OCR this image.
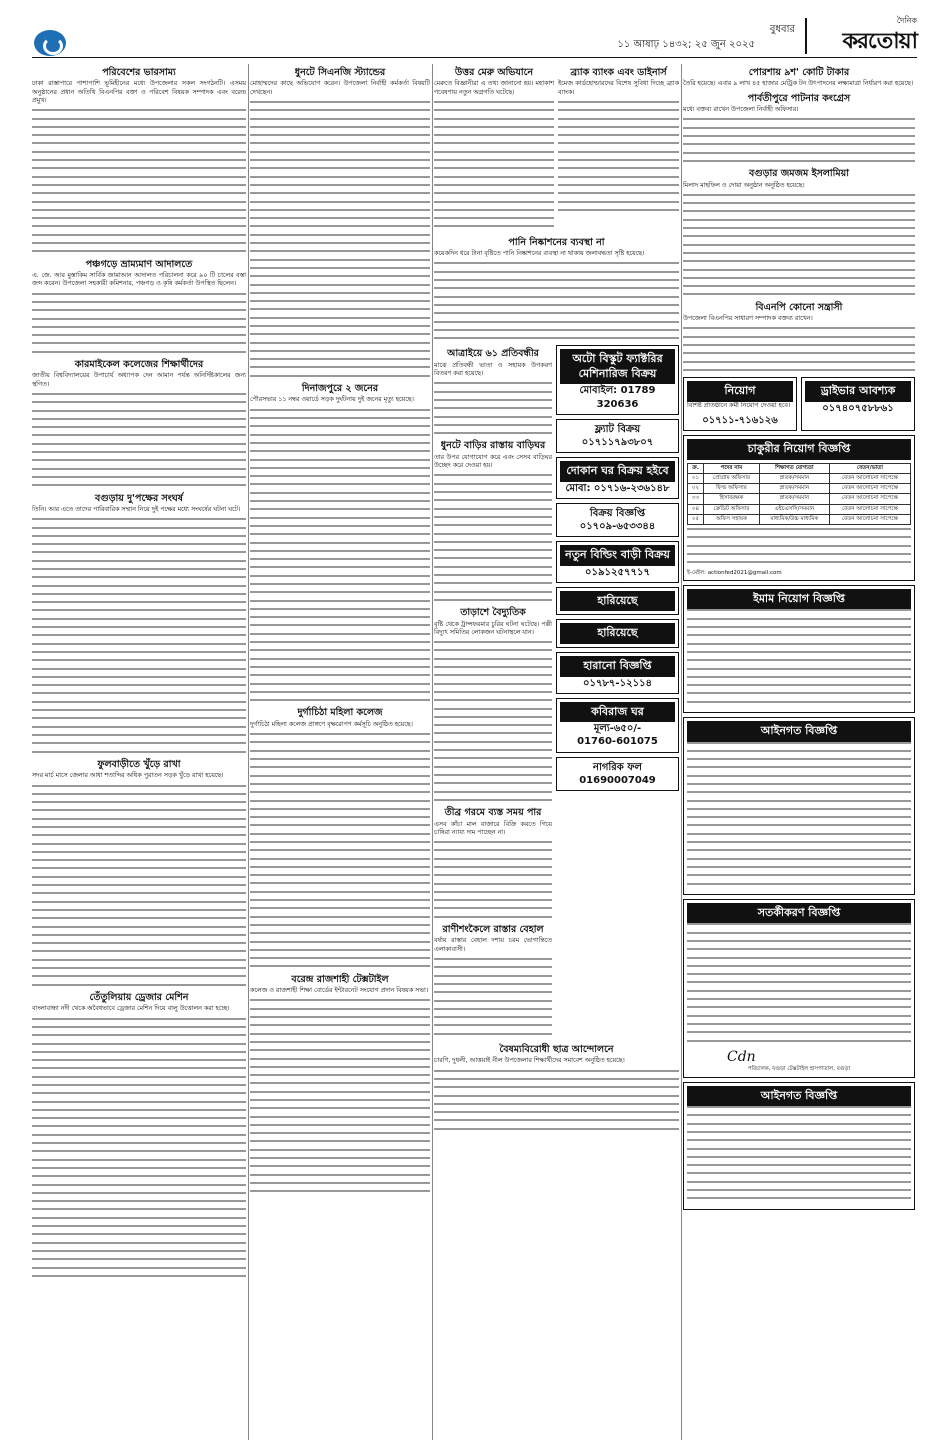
বুধবার
১১ আষাঢ় ১৪৩২; ২৫ জুন ২০২৫
দৈনিক
করতোয়া
পরিবেশের ভারসাম্য
ঢাকা রাস্তাপারে পাশাপাশি ভূমিহীনের মধ্যে উপজেলার সকল সংগঠনটি। এসময় অনুষ্ঠানের প্রধান অতিথি বিএনপির বক্তা ও পরিবেশ বিষয়ক সম্পাদক এবং বরেন্দ্র প্রমুখ।
পঞ্চগড়ে ভ্রাম্যমাণ আদালতে
এ. জে. আর মুস্তাকিম সার্বিক জামাআন আদালত পরিচালনা করে ৯০ টি চালের বস্তা জব্দ করেন। উপজেলা সহকারী কমিশনার, পঞ্চগড় ও কৃষি কর্মকর্তা উপস্থিত ছিলেন।
কারমাইকেল কলেজের শিক্ষার্থীদের
জাতীয় বিশ্ববিদ্যালয়ের উপাচার্য অধ্যাপক দেন আমান পর্যন্ত অনির্দিষ্টকালের জন্য স্থগিত।
বগুড়ায় দু'পক্ষের সংঘর্ষ
তিনি। আর এতে তাদের পারিবারিক সম্মান নিয়ে দুই পক্ষের মধ্যে সংঘর্ষের ঘটনা ঘটে।
ফুলবাড়ীতে খুঁড়ে রাখা
সদর মার্চ মাসে জেলার আধা শতাব্দির অধিক পুরাতন সড়ক খুঁড়ে রাখা হয়েছে।
তেঁতুলিয়ায় ড্রেজার মেশিন
বাংলাবান্ধা নদী থেকে অবৈধভাবে ড্রেজার মেশিন দিয়ে বালু উত্তোলন করা হচ্ছে।
ধুনটে সিএনজি স্ট্যান্ডের
মোহাম্মদের কাছে অভিযোগ করেন। উপজেলা নির্বাহী কর্মকর্তা বিষয়টি দেখছেন।
দিনাজপুরে ২ জনের
পৌরসভার ১১ নম্বর ওয়ার্ডে সড়ক দুর্ঘটনায় দুই জনের মৃত্যু হয়েছে।
দুর্গাচিঠা মহিলা কলেজ
দুর্গাচিঠা মহিলা কলেজ প্রাঙ্গণে বৃক্ষরোপণ কর্মসূচি অনুষ্ঠিত হয়েছে।
বরেন্দ্র রাজশাহী টেক্সটাইল
কলেজ ও রাজশাহী শিক্ষা বোর্ডের ইন্টারনেট সংযোগ প্রদান বিষয়ক সভা।
উত্তর মেরু অভিযানে
মেরুতে বিজ্ঞানীরা এ তথ্য জানানো হয়। মহাকাশ গবেষণায় নতুন অগ্রগতি ঘটেছে।
ব্র্যাক ব্যাংক এবং ডাইনার্স
ইমেজ কার্ডহোল্ডারদের বিশেষ সুবিধা দিচ্ছে ব্র্যাক ব্যাংক।
পানি নিষ্কাশনের ব্যবস্থা না
কয়েকদিন ধরে টানা বৃষ্টিতে পানি নিষ্কাশনের ব্যবস্থা না থাকায় জলাবদ্ধতা সৃষ্টি হয়েছে।
আত্রাইয়ে ৬১ প্রতিবন্ধীর
মাঝে প্রতিবন্ধী ভাতা ও সহায়ক উপকরণ বিতরণ করা হয়েছে।
ধুনটে বাড়ির রাস্তায় বাড়িঘর
তার উপর যোগাযোগ করে এবং সেসব বাড়িঘর উচ্ছেদ করে দেওয়া হয়।
তাড়াশে বৈদ্যুতিক
বৃষ্টি থেকে ট্রান্সফরমার চুরির ঘটনা ঘটেছে। পল্লী বিদ্যুৎ সমিতির লোকজন ঘটনাস্থলে যান।
তীব্র গরমে ব্যস্ত সময় পার
এসব কাঁচা মাল বাজারে বিক্রি করতে গিয়ে চাষিরা ন্যায্য দাম পাচ্ছেন না।
রাণীশংকৈলে রাস্তার বেহাল
বর্ষায় রাস্তার বেহাল দশায় চরম ভোগান্তিতে এলাকাবাসী।
অটো বিস্কুট ফ্যাক্টরির মেশিনারিজ বিক্রয়
মোবাইল: 01789 320636
ফ্ল্যাট বিক্রয়
০১৭১১৭৯৩৮০৭
দোকান ঘর বিক্রয় হইবে
মোবা: ০১৭১৬-২৩৬১৪৮
বিক্রয় বিজ্ঞপ্তি
০১৭০৯-৬৫৩৩৪৪
নতুন বিল্ডিং বাড়ী বিক্রয়
০১৯১২৫৭৭১৭
হারিয়েছে
হারিয়েছে
হারানো বিজ্ঞপ্তি
০১৭৮৭-১২১১৪
কবিরাজ ঘর
মূল্য-৬৫০/-
01760-601075
নাগরিক ফল
01690007049
বৈষম্যবিরোধী ছাত্র আন্দোলনে
চারণি, দুধলী, আত্তয়াই নীল উপজেলার শিক্ষার্থীদের সমাবেশ অনুষ্ঠিত হয়েছে।
পোরশায় ৯শ' কোটি টাকার
তৈরি হয়েছে। এবার ৯ লাখ ৪৫ হাজার মেট্রিক টন উৎপাদনের লক্ষ্যমাত্রা নির্ধারণ করা হয়েছে।
পার্বতীপুরে পাটনার কংগ্রেস
মধ্যে বক্তব্য রাখেন উপজেলা নির্বাহী অফিসার।
বগুড়ার জমজম ইসলামিয়া
মিলাদ মাহফিল ও দোয়া অনুষ্ঠান অনুষ্ঠিত হয়েছে।
বিএনপি কোনো সন্ত্রাসী
উপজেলা বিএনপির সাধারণ সম্পাদক বক্তব্য রাখেন।
নিয়োগ
বিশিষ্ট প্রতিষ্ঠানে কর্মী নিয়োগ দেওয়া হবে।
০১৭১১-৭১৬১২৬
ড্রাইভার আবশ্যক
০১৭৪০৭৫৮৮৬১
চাকুরীর নিয়োগ বিজ্ঞপ্তি
ক্র.	পদের নাম	শিক্ষাগত যোগ্যতা	বেতন/ভাতা
০১	প্রোগ্রাম অফিসার	স্নাতক/সমমান	বেতন আলোচনা সাপেক্ষে
০২	ফিল্ড অফিসার	স্নাতক/সমমান	বেতন আলোচনা সাপেক্ষে
০৩	হিসাবরক্ষক	স্নাতক/সমমান	বেতন আলোচনা সাপেক্ষে
০৪	ক্রেডিট অফিসার	এইচএসসি/সমমান	বেতন আলোচনা সাপেক্ষে
০৫	অফিস সহায়ক	মাধ্যমিক/উচ্চ মাধ্যমিক	বেতন আলোচনা সাপেক্ষে
ই-মেইল: actionfed2021@gmail.com
ইমাম নিয়োগ বিজ্ঞপ্তি
আইনগত বিজ্ঞপ্তি
সতর্কীকরণ বিজ্ঞপ্তি
Cdn
পরিচালক, বগুড়া টেক্সটাইল হাসপাতাল, বগুড়া
আইনগত বিজ্ঞপ্তি
